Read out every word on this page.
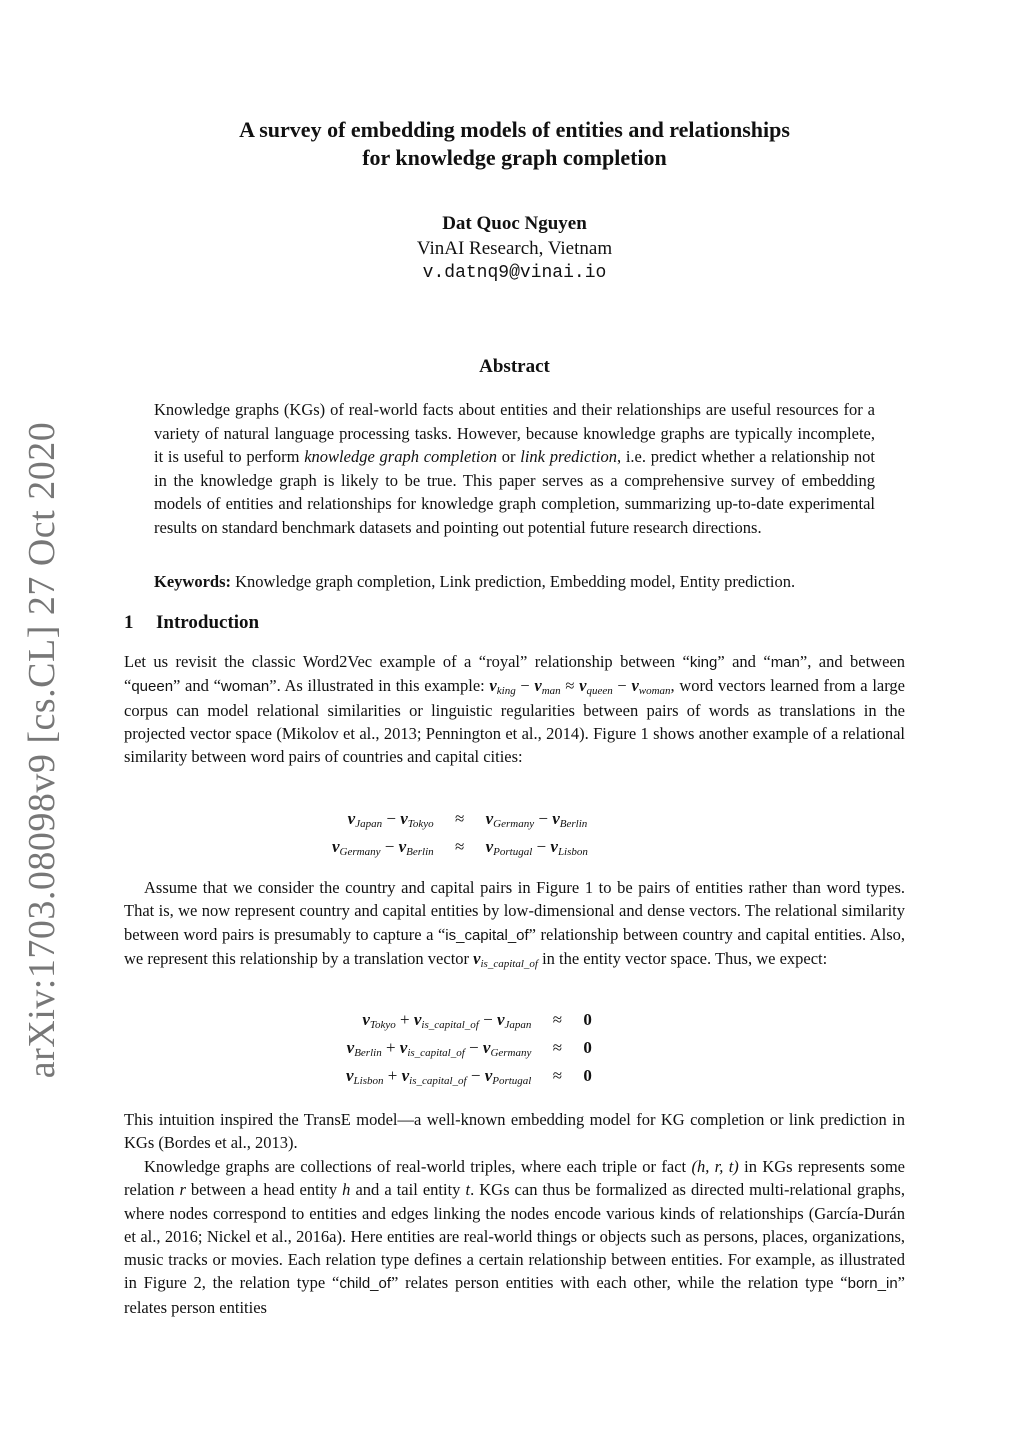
arXiv:1703.08098v9 [cs.CL] 27 Oct 2020
A survey of embedding models of entities and relationships
for knowledge graph completion
Dat Quoc Nguyen
VinAI Research, Vietnam
v.datnq9@vinai.io
Abstract

Knowledge graphs (KGs) of real-world facts about entities and their relationships are useful resources for a variety of natural language processing tasks. However, because knowledge graphs are typically incomplete, it is useful to perform knowledge graph completion or link prediction, i.e. predict whether a relationship not in the knowledge graph is likely to be true. This paper serves as a comprehensive survey of embedding models of entities and relationships for knowledge graph completion, summarizing up-to-date experimental results on standard benchmark datasets and pointing out potential future research directions.

Keywords: Knowledge graph completion, Link prediction, Embedding model, Entity prediction.
1 Introduction

Let us revisit the classic Word2Vec example of a “royal” relationship between “king” and “man”, and between “queen” and “woman”. As illustrated in this example: $v_{king} - v_{man} \approx v_{queen} - v_{woman}$, word vectors learned from a large corpus can model relational similarities or linguistic regularities between pairs of words as translations in the projected vector space (Mikolov et al., 2013; Pennington et al., 2014). Figure 1 shows another example of a relational similarity between word pairs of countries and capital cities:

$v_{Japan} - v_{Tokyo}$	≈	$v_{Germany} - v_{Berlin}$
$v_{Germany} - v_{Berlin}$	≈	$v_{Portugal} - v_{Lisbon}$

Assume that we consider the country and capital pairs in Figure 1 to be pairs of entities rather than word types. That is, we now represent country and capital entities by low-dimensional and dense vectors. The relational similarity between word pairs is presumably to capture a “is_capital_of” relationship between country and capital entities. Also, we represent this relationship by a translation vector $v_{is\_capital\_of}$ in the entity vector space. Thus, we expect:

$v_{Tokyo} + v_{is\_capital\_of} - v_{Japan}$	≈	0
$v_{Berlin} + v_{is\_capital\_of} - v_{Germany}$	≈	0
$v_{Lisbon} + v_{is\_capital\_of} - v_{Portugal}$	≈	0

This intuition inspired the TransE model—a well-known embedding model for KG completion or link prediction in KGs (Bordes et al., 2013).

Knowledge graphs are collections of real-world triples, where each triple or fact (h, r, t) in KGs represents some relation r between a head entity h and a tail entity t. KGs can thus be formalized as directed multi-relational graphs, where nodes correspond to entities and edges linking the nodes encode various kinds of relationships (García-Durán et al., 2016; Nickel et al., 2016a). Here entities are real-world things or objects such as persons, places, organizations, music tracks or movies. Each relation type defines a certain relationship between entities. For example, as illustrated in Figure 2, the relation type “child_of” relates person entities with each other, while the relation type “born_in” relates person entities
